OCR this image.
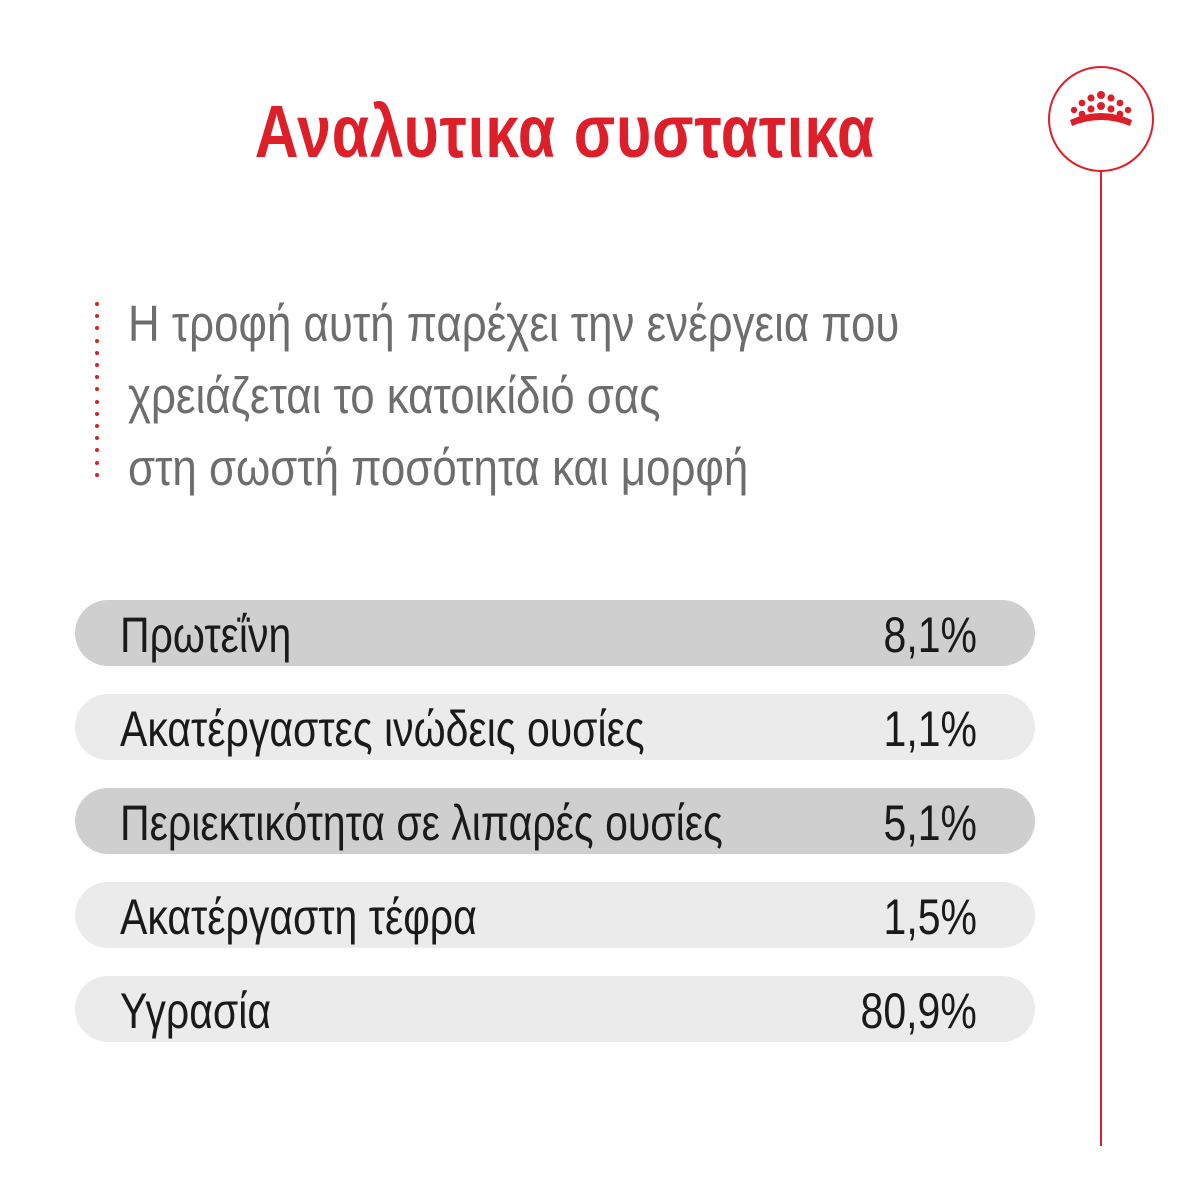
Αναλυτικα συστατικα
Η τροφή αυτή παρέχει την ενέργεια που
χρειάζεται το κατοικίδιό σας
στη σωστή ποσότητα και μορφή
Πρωτεΐνη	8,1%
Ακατέργαστες ινώδεις ουσίες	1,1%
Περιεκτικότητα σε λιπαρές ουσίες	5,1%
Ακατέργαστη τέφρα	1,5%
Υγρασία	80,9%
